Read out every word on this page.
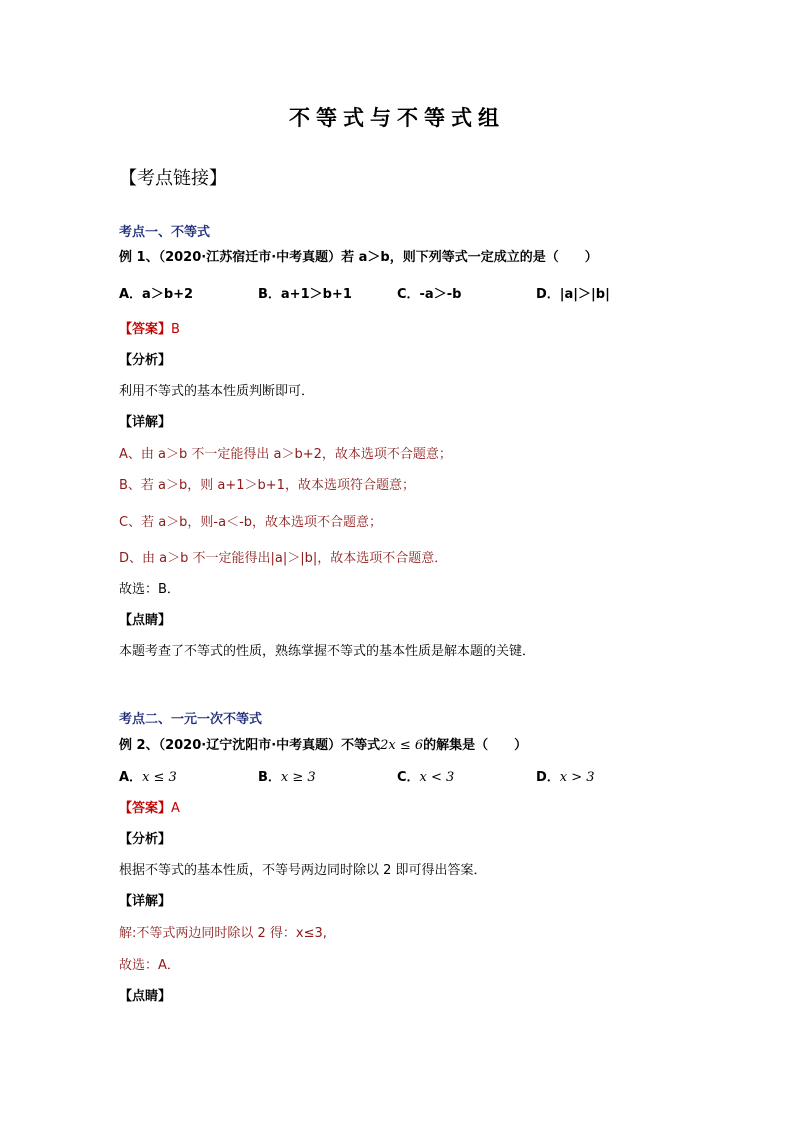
不等式与不等式组
【考点链接】
考点一、不等式
例 1、（2020·江苏宿迁市·中考真题）若 a＞b，则下列等式一定成立的是（　　）
A．a＞b+2	B．a+1＞b+1	C．-a＞-b	D．|a|＞|b|
【答案】B
【分析】
利用不等式的基本性质判断即可．
【详解】
A、由 a＞b 不一定能得出 a＞b+2，故本选项不合题意；
B、若 a＞b，则 a+1＞b+1，故本选项符合题意；
C、若 a＞b，则-a＜-b，故本选项不合题意；
D、由 a＞b 不一定能得出|a|＞|b|，故本选项不合题意．
故选：B．
【点睛】
本题考查了不等式的性质，熟练掌握不等式的基本性质是解本题的关键．
考点二、一元一次不等式
例 2、（2020·辽宁沈阳市·中考真题）不等式2x ≤ 6的解集是（　　）
A．x ≤ 3	B．x ≥ 3	C．x < 3	D．x > 3
【答案】A
【分析】
根据不等式的基本性质，不等号两边同时除以 2 即可得出答案．
【详解】
解:不等式两边同时除以 2 得：x≤3,
故选：A．
【点睛】
